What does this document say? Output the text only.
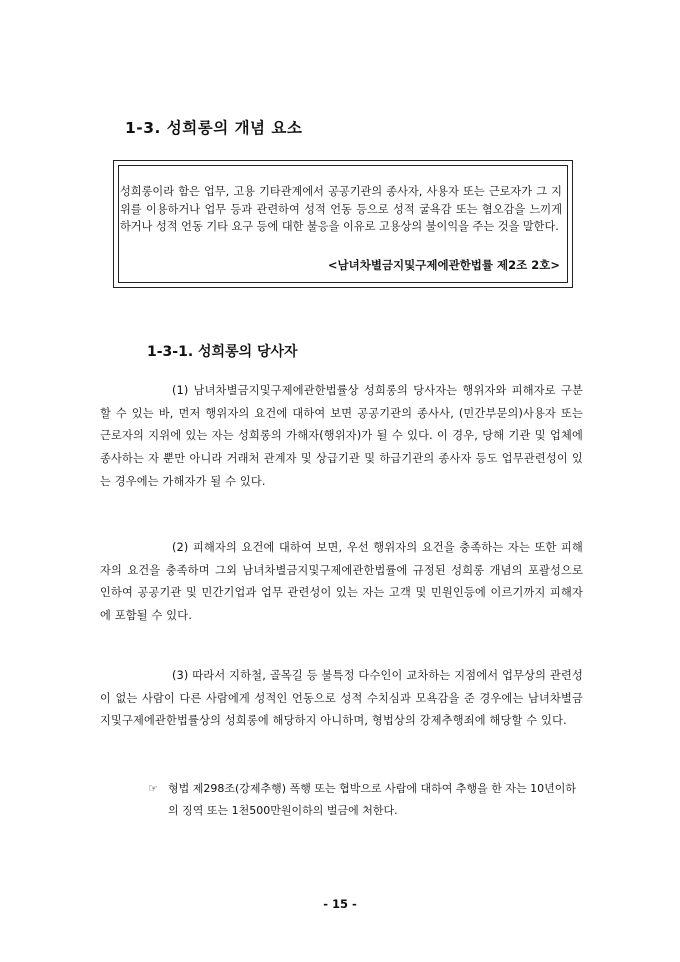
1-3. 성희롱의 개념 요소
성희롱이라 함은 업무, 고용 기타관계에서 공공기관의 종사자, 사용자 또는 근로자가 그 지위를 이용하거나 업무 등과 관련하여 성적 언동 등으로 성적 굴욕감 또는 혐오감을 느끼게 하거나 성적 언동 기타 요구 등에 대한 불응을 이유로 고용상의 불이익을 주는 것을 말한다.
<남녀차별금지및구제에관한법률 제2조 2호>
1-3-1. 성희롱의 당사자
(1) 남녀차별금지및구제에관한법률상 성희롱의 당사자는 행위자와 피해자로 구분할 수 있는 바, 먼저 행위자의 요건에 대하여 보면 공공기관의 종사사, (민간부문의)사용자 또는 근로자의 지위에 있는 자는 성희롱의 가해자(행위자)가 될 수 있다. 이 경우, 당해 기관 및 업체에 종사하는 자 뿐만 아니라 거래처 관계자 및 상급기관 및 하급기관의 종사자 등도 업무관련성이 있는 경우에는 가해자가 될 수 있다.
(2) 피해자의 요건에 대하여 보면, 우선 행위자의 요건을 충족하는 자는 또한 피해자의 요건을 충족하며 그외 남녀차별금지및구제에관한법률에 규정된 성희롱 개념의 포괄성으로 인하여 공공기관 및 민간기업과 업무 관련성이 있는 자는 고객 및 민원인등에 이르기까지 피해자에 포함될 수 있다.
(3) 따라서 지하철, 골목길 등 불특정 다수인이 교차하는 지점에서 업무상의 관련성이 없는 사람이 다른 사람에게 성적인 언동으로 성적 수치심과 모욕감을 준 경우에는 남녀차별금지및구제에관한법률상의 성희롱에 해당하지 아니하며, 형법상의 강제추행죄에 해당할 수 있다.
☞ 형법 제298조(강제추행) 폭행 또는 협박으로 사람에 대하여 추행을 한 자는 10년이하의 징역 또는 1천500만원이하의 벌금에 처한다.
- 15 -
